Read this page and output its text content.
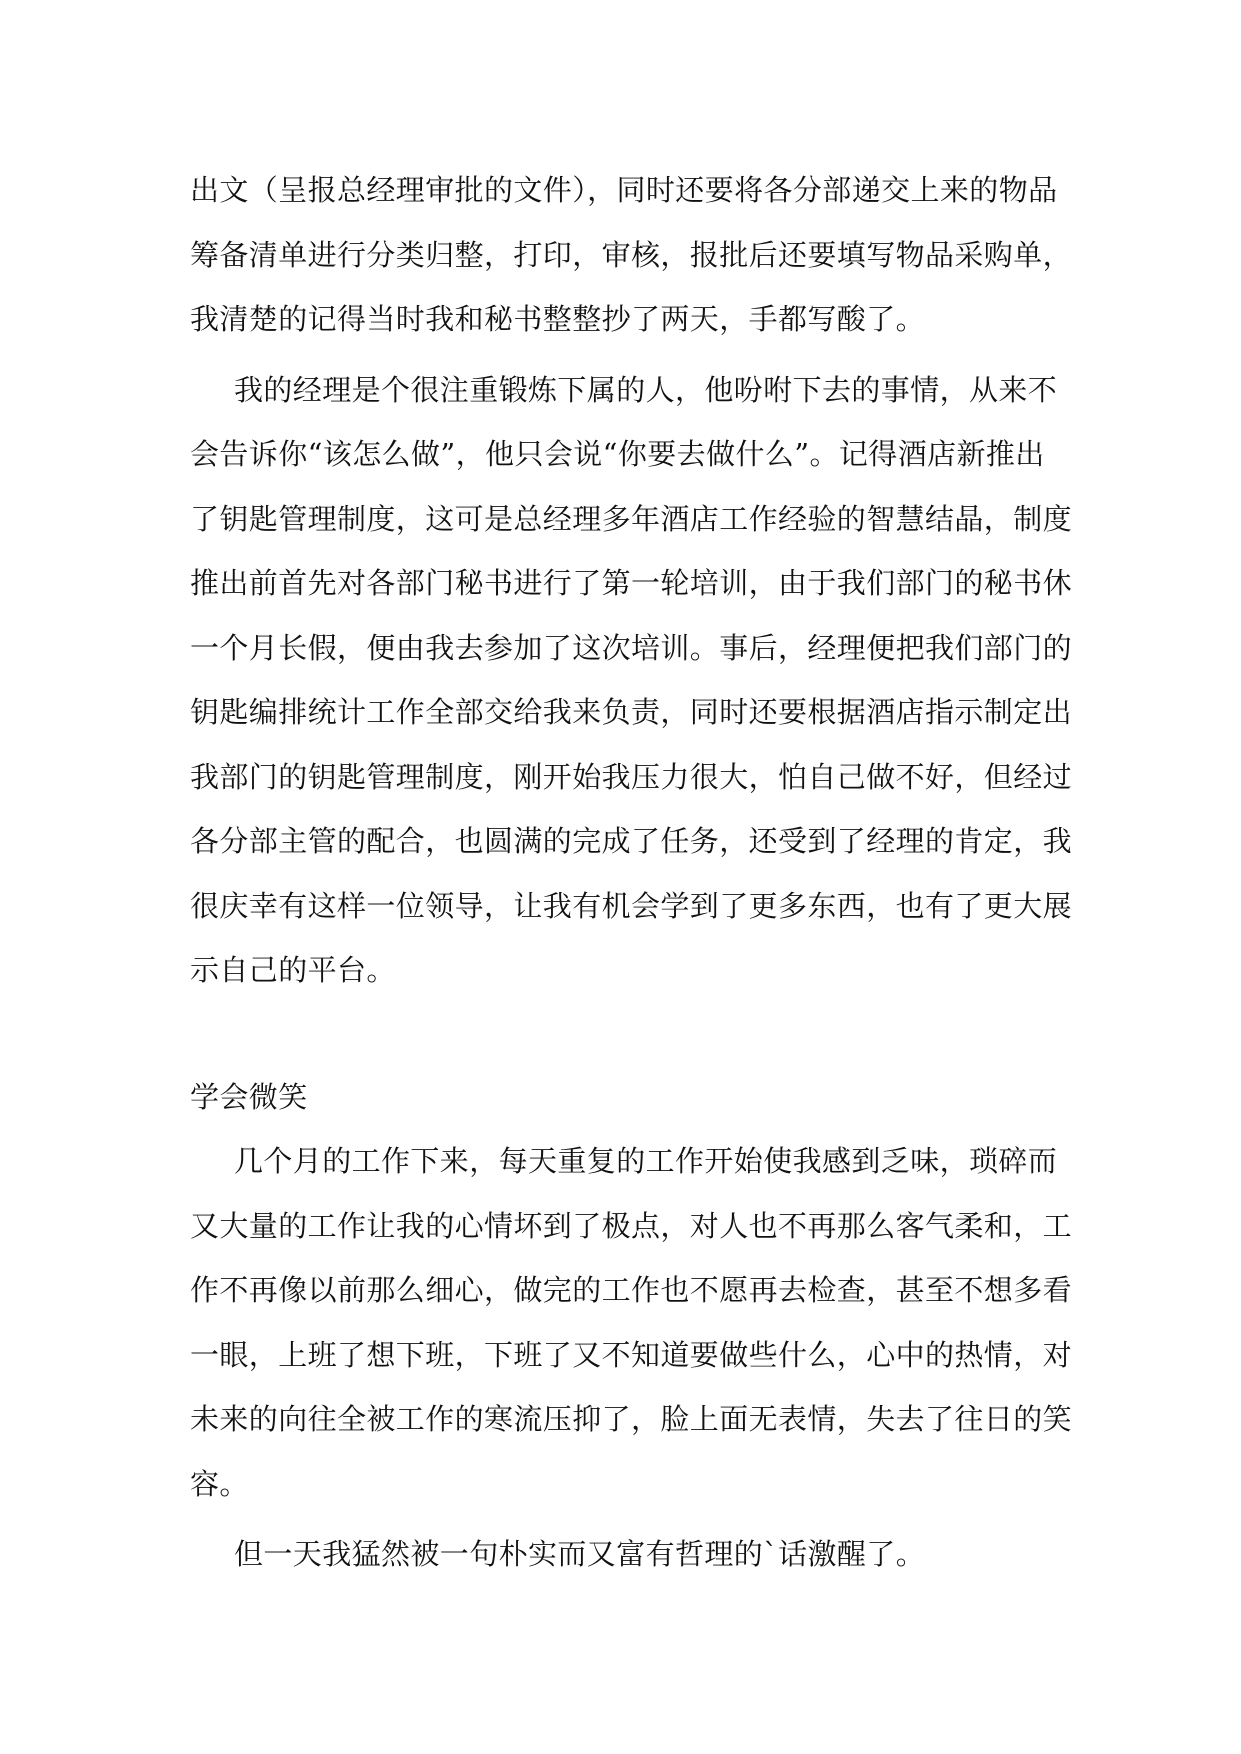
出文（呈报总经理审批的文件），同时还要将各分部递交上来的物品
筹备清单进行分类归整，打印，审核，报批后还要填写物品采购单，
我清楚的记得当时我和秘书整整抄了两天，手都写酸了。
我的经理是个很注重锻炼下属的人，他吩咐下去的事情，从来不
会告诉你“该怎么做”，他只会说“你要去做什么”。记得酒店新推出
了钥匙管理制度，这可是总经理多年酒店工作经验的智慧结晶，制度
推出前首先对各部门秘书进行了第一轮培训，由于我们部门的秘书休
一个月长假，便由我去参加了这次培训。事后，经理便把我们部门的
钥匙编排统计工作全部交给我来负责，同时还要根据酒店指示制定出
我部门的钥匙管理制度，刚开始我压力很大，怕自己做不好，但经过
各分部主管的配合，也圆满的完成了任务，还受到了经理的肯定，我
很庆幸有这样一位领导，让我有机会学到了更多东西，也有了更大展
示自己的平台。
学会微笑
几个月的工作下来，每天重复的工作开始使我感到乏味，琐碎而
又大量的工作让我的心情坏到了极点，对人也不再那么客气柔和，工
作不再像以前那么细心，做完的工作也不愿再去检查，甚至不想多看
一眼，上班了想下班，下班了又不知道要做些什么，心中的热情，对
未来的向往全被工作的寒流压抑了，脸上面无表情，失去了往日的笑
容。
但一天我猛然被一句朴实而又富有哲理的`话激醒了。
